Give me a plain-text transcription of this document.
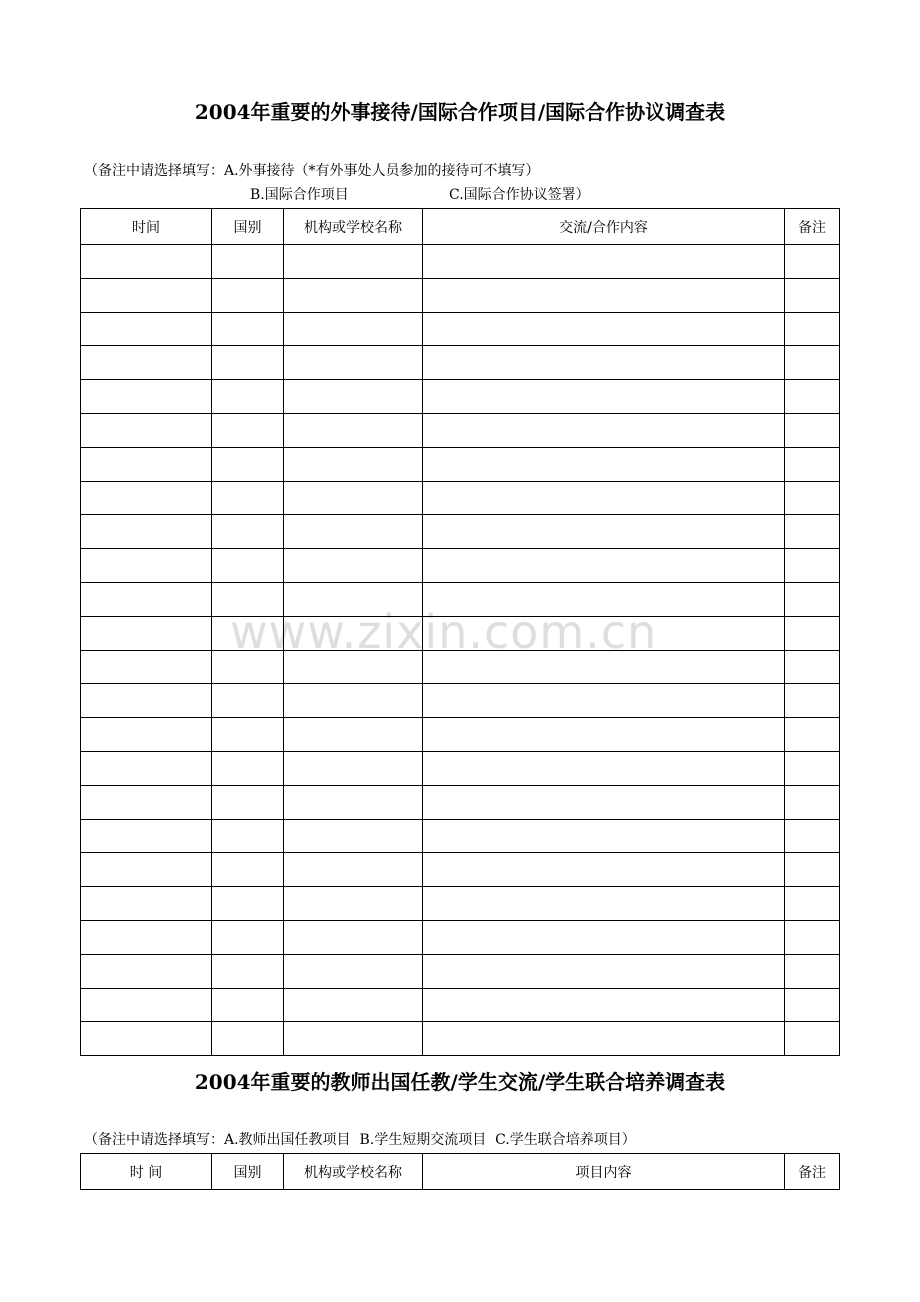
2004年重要的外事接待/国际合作项目/国际合作协议调查表
（备注中请选择填写：A.外事接待（*有外事处人员参加的接待可不填写）
B.国际合作项目	C.国际合作协议签署）
时间	国别	机构或学校名称	交流/合作内容	备注

www.zixin.com.cn
2004年重要的教师出国任教/学生交流/学生联合培养调查表
（备注中请选择填写：A.教师出国任教项目  B.学生短期交流项目  C.学生联合培养项目）
时 间	国别	机构或学校名称	项目内容	备注
